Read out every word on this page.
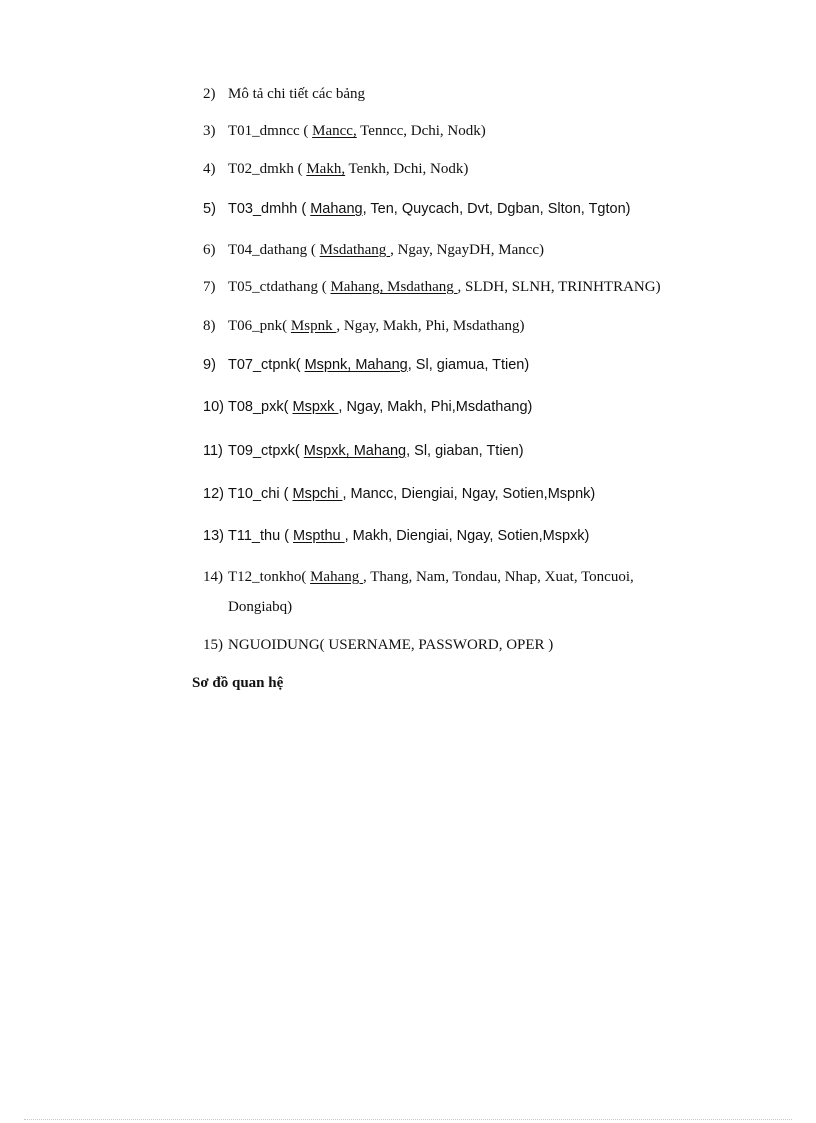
2) Mô tả chi tiết các bảng
3) T01_dmncc ( Mancc, Tenncc, Dchi, Nodk)
4) T02_dmkh ( Makh, Tenkh, Dchi, Nodk)
5) T03_dmhh ( Mahang, Ten, Quycach, Dvt, Dgban, Slton, Tgton)
6) T04_dathang ( Msdathang , Ngay, NgayDH, Mancc)
7) T05_ctdathang ( Mahang, Msdathang , SLDH, SLNH, TRINHTRANG)
8) T06_pnk( Mspnk , Ngay, Makh, Phi, Msdathang)
9) T07_ctpnk( Mspnk, Mahang, Sl, giamua, Ttien)
10) T08_pxk( Mspxk , Ngay, Makh, Phi,Msdathang)
11) T09_ctpxk( Mspxk, Mahang, Sl, giaban, Ttien)
12) T10_chi ( Mspchi , Mancc, Diengiai, Ngay, Sotien,Mspnk)
13) T11_thu ( Mspthu , Makh, Diengiai, Ngay, Sotien,Mspxk)
14) T12_tonkho( Mahang , Thang, Nam, Tondau, Nhap, Xuat, Toncuoi,
Dongiabq)
15) NGUOIDUNG( USERNAME, PASSWORD, OPER )
Sơ đồ quan hệ
